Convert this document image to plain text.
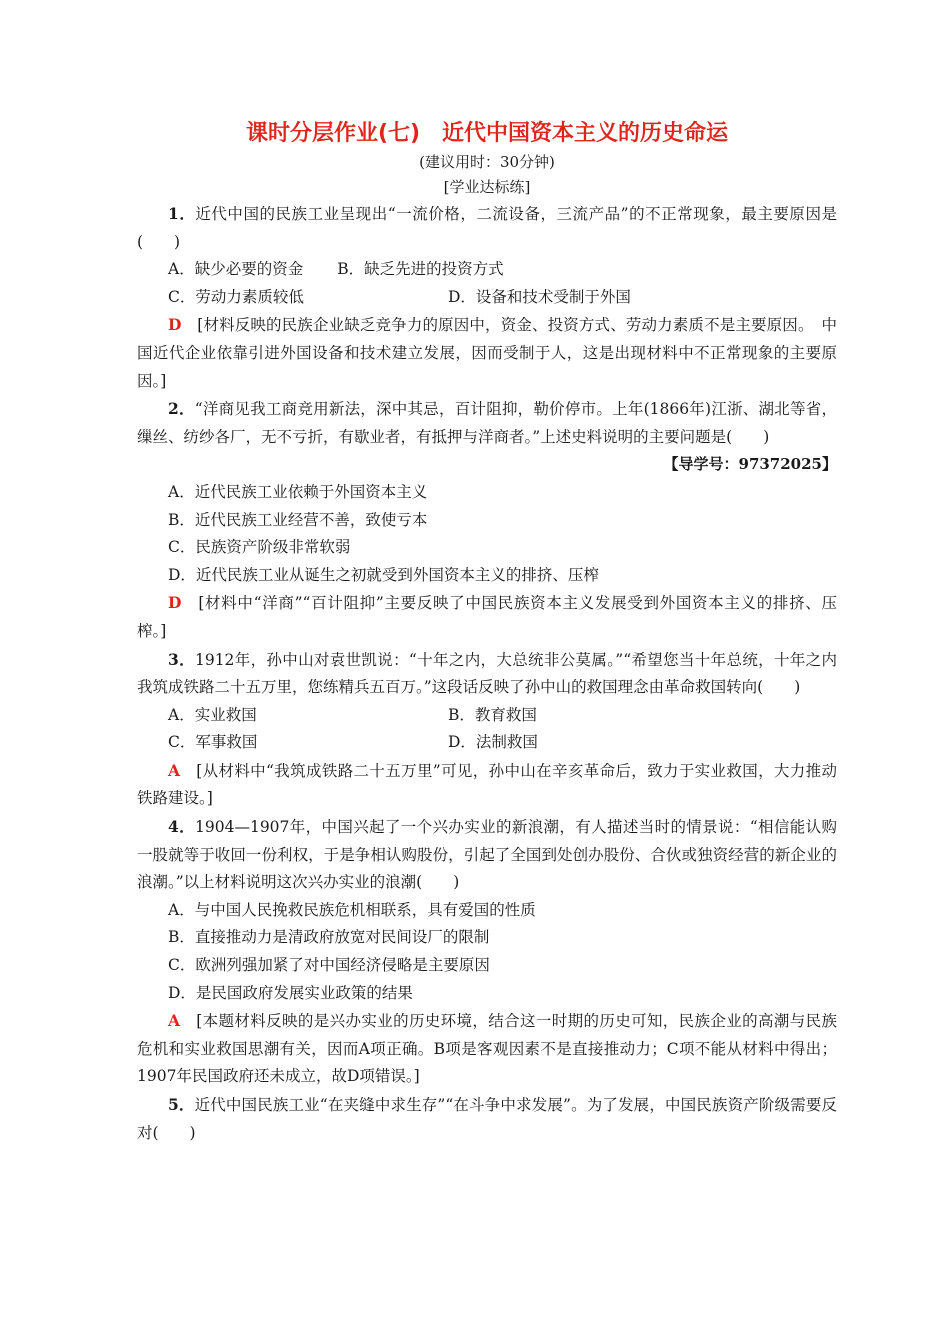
课时分层作业(七)　近代中国资本主义的历史命运

(建议用时：30分钟)

[学业达标练]

1．近代中国的民族工业呈现出“一流价格，二流设备，三流产品”的不正常现象，最主要原因是(　　)

A．缺少必要的资金 B．缺乏先进的投资方式
C．劳动力素质较低	D．设备和技术受制于外国

D　 [材料反映的民族企业缺乏竞争力的原因中，资金、投资方式、劳动力素质不是主要原因。　中国近代企业依靠引进外国设备和技术建立发展，因而受制于人，这是出现材料中不正常现象的主要原因。]

2．“洋商见我工商竞用新法，深中其忌，百计阻抑，勒价停市。上年(1866年)江浙、湖北等省，缫丝、纺纱各厂，无不亏折，有歇业者，有抵押与洋商者。”上述史料说明的主要问题是(　　)

【导学号：97372025】

A．近代民族工业依赖于外国资本主义

B．近代民族工业经营不善，致使亏本

C．民族资产阶级非常软弱

D．近代民族工业从诞生之初就受到外国资本主义的排挤、压榨

D　 [材料中“洋商”“百计阻抑”主要反映了中国民族资本主义发展受到外国资本主义的排挤、压榨。]

3．1912年，孙中山对袁世凯说：“十年之内，大总统非公莫属。”“希望您当十年总统，十年之内我筑成铁路二十五万里，您练精兵五百万。”这段话反映了孙中山的救国理念由革命救国转向(　　)

A．实业救国	B．教育救国
C．军事救国	D．法制救国

A　 [从材料中“我筑成铁路二十五万里”可见，孙中山在辛亥革命后，致力于实业救国，大力推动铁路建设。]

4．1904—1907年，中国兴起了一个兴办实业的新浪潮，有人描述当时的情景说：“相信能认购一股就等于收回一份利权，于是争相认购股份，引起了全国到处创办股份、合伙或独资经营的新企业的浪潮。”以上材料说明这次兴办实业的浪潮(　　)

A．与中国人民挽救民族危机相联系，具有爱国的性质

B．直接推动力是清政府放宽对民间设厂的限制

C．欧洲列强加紧了对中国经济侵略是主要原因

D．是民国政府发展实业政策的结果

A　 [本题材料反映的是兴办实业的历史环境，结合这一时期的历史可知，民族企业的高潮与民族危机和实业救国思潮有关，因而A项正确。B项是客观因素不是直接推动力；C项不能从材料中得出；1907年民国政府还未成立，故D项错误。]

5．近代中国民族工业“在夹缝中求生存”“在斗争中求发展”。为了发展，中国民族资产阶级需要反对(　　)
